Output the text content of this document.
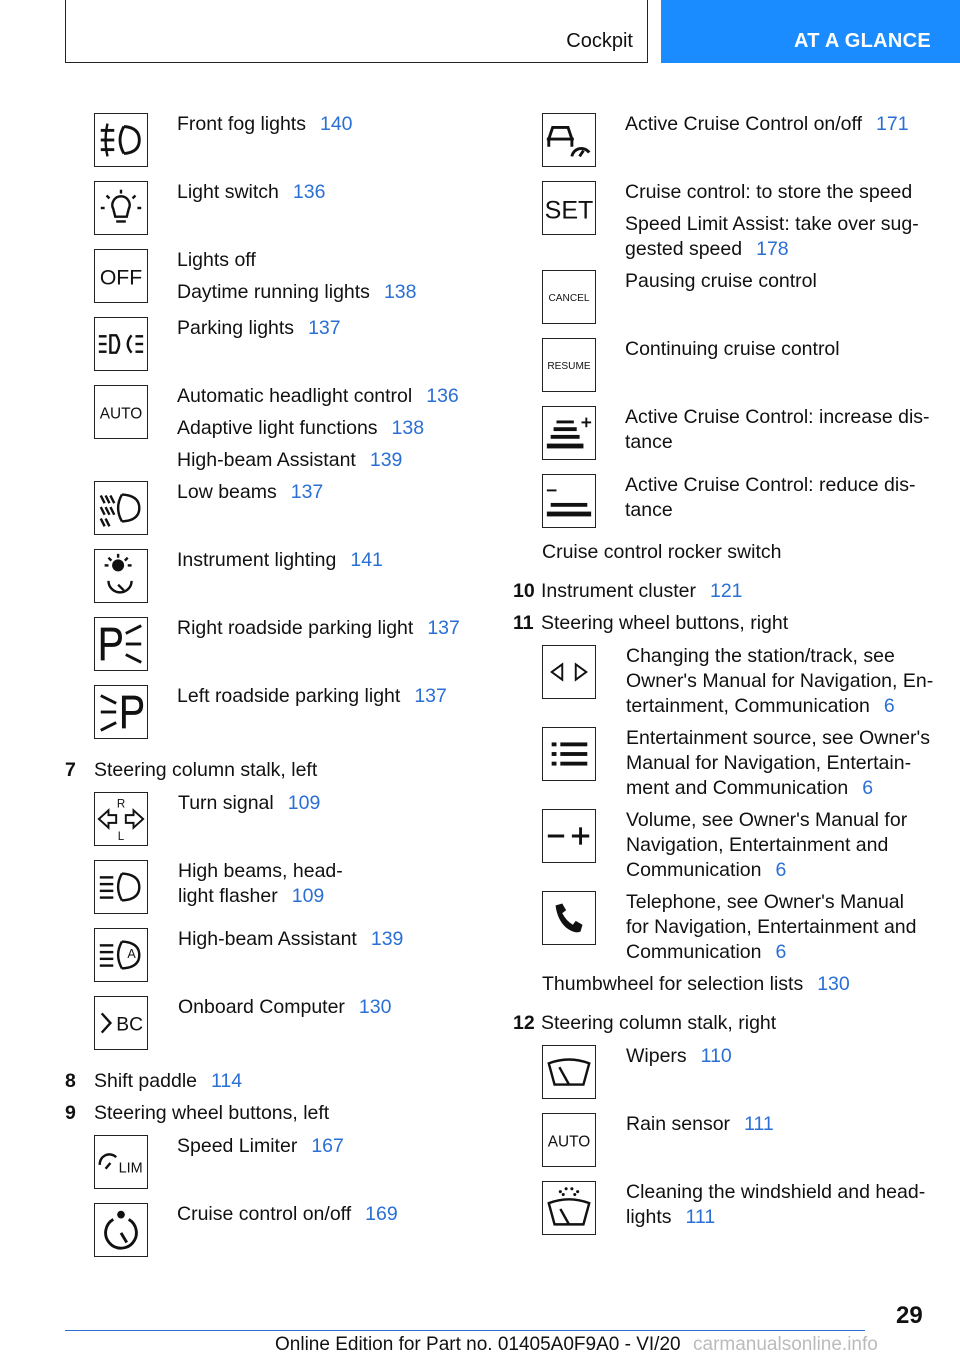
Cockpit	AT A GLANCE
Front fog lights 140
Light switch 136
OFF
Lights off
Daytime running lights 138
Parking lights 137
AUTO
Automatic headlight control 136
Adaptive light functions 138
High-beam Assistant 139
Low beams 137
Instrument lighting 141
Right roadside parking light 137
Left roadside parking light 137
7 Steering column stalk, left
R
L
Turn signal 109
High beams, head-
light flasher 109
A
High-beam Assistant 139
BC
Onboard Computer 130
8 Shift paddle 114
9 Steering wheel buttons, left
LIM
Speed Limiter 167
Cruise control on/off 169
Active Cruise Control on/off 171
SET
Cruise control: to store the speed
Speed Limit Assist: take over sug-
gested speed 178
CANCEL
Pausing cruise control
RESUME
Continuing cruise control
Active Cruise Control: increase dis-
tance
Active Cruise Control: reduce dis-
tance
Cruise control rocker switch
10 Instrument cluster 121
11 Steering wheel buttons, right
Changing the station/track, see
Owner's Manual for Navigation, En-
tertainment, Communication 6
Entertainment source, see Owner's
Manual for Navigation, Entertain-
ment and Communication 6
Volume, see Owner's Manual for
Navigation, Entertainment and
Communication 6
Telephone, see Owner's Manual
for Navigation, Entertainment and
Communication 6
Thumbwheel for selection lists 130
12 Steering column stalk, right
Wipers 110
AUTO
Rain sensor 111
Cleaning the windshield and head-
lights 111
29
Online Edition for Part no. 01405A0F9A0 - VI/20 carmanualsonline.info
